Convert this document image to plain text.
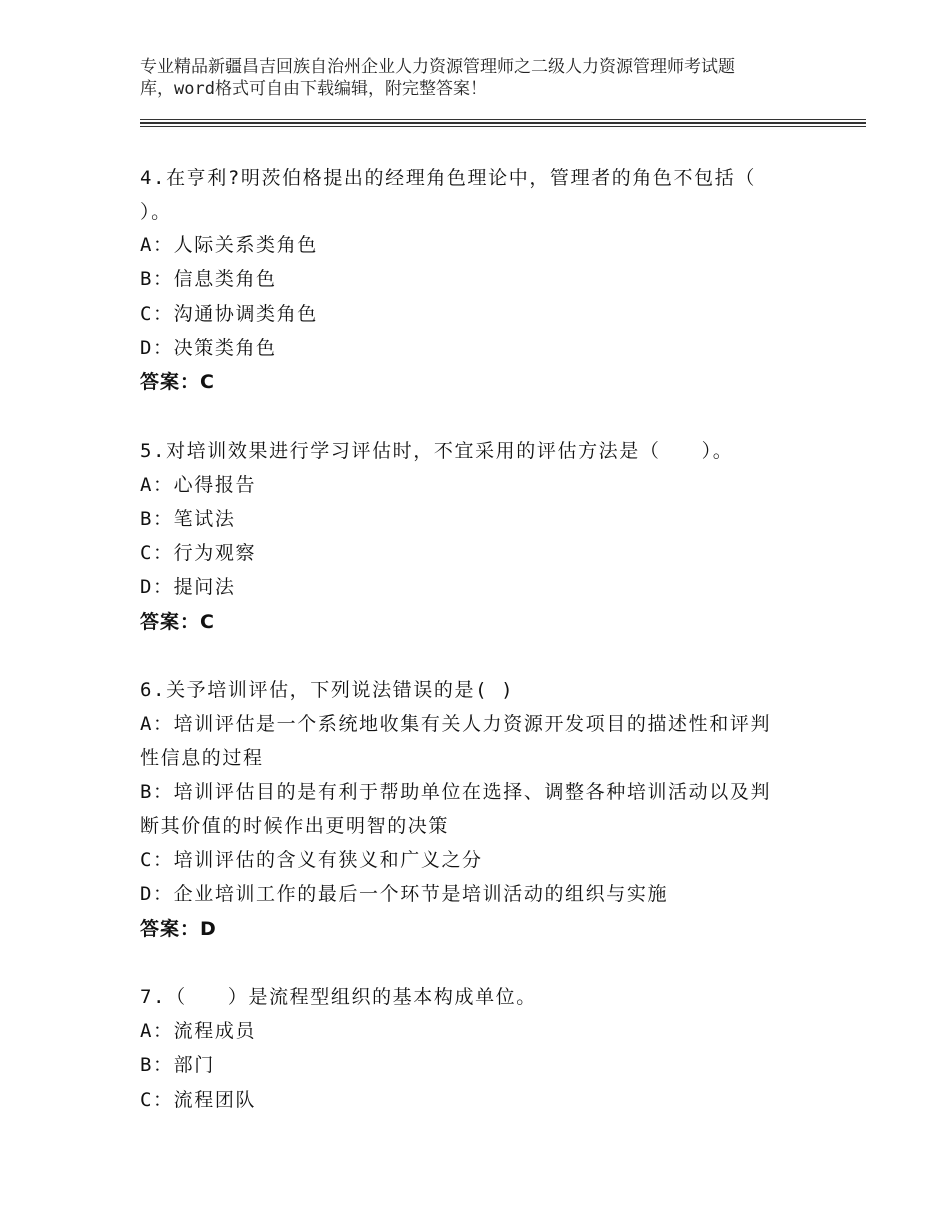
专业精品新疆昌吉回族自治州企业人力资源管理师之二级人力资源管理师考试题
库，word格式可自由下载编辑，附完整答案！
4.在亨利?明茨伯格提出的经理角色理论中，管理者的角色不包括（
）。
A：人际关系类角色
B：信息类角色
C：沟通协调类角色
D：决策类角色
答案：C
5.对培训效果进行学习评估时，不宜采用的评估方法是（　　）。
A：心得报告
B：笔试法
C：行为观察
D：提问法
答案：C
6.关予培训评估，下列说法错误的是( )
A：培训评估是一个系统地收集有关人力资源开发项目的描述性和评判
性信息的过程
B：培训评估目的是有利于帮助单位在选择、调整各种培训活动以及判
断其价值的时候作出更明智的决策
C：培训评估的含义有狭义和广义之分
D：企业培训工作的最后一个环节是培训活动的组织与实施
答案：D
7.（　　）是流程型组织的基本构成单位。
A：流程成员
B：部门
C：流程团队
